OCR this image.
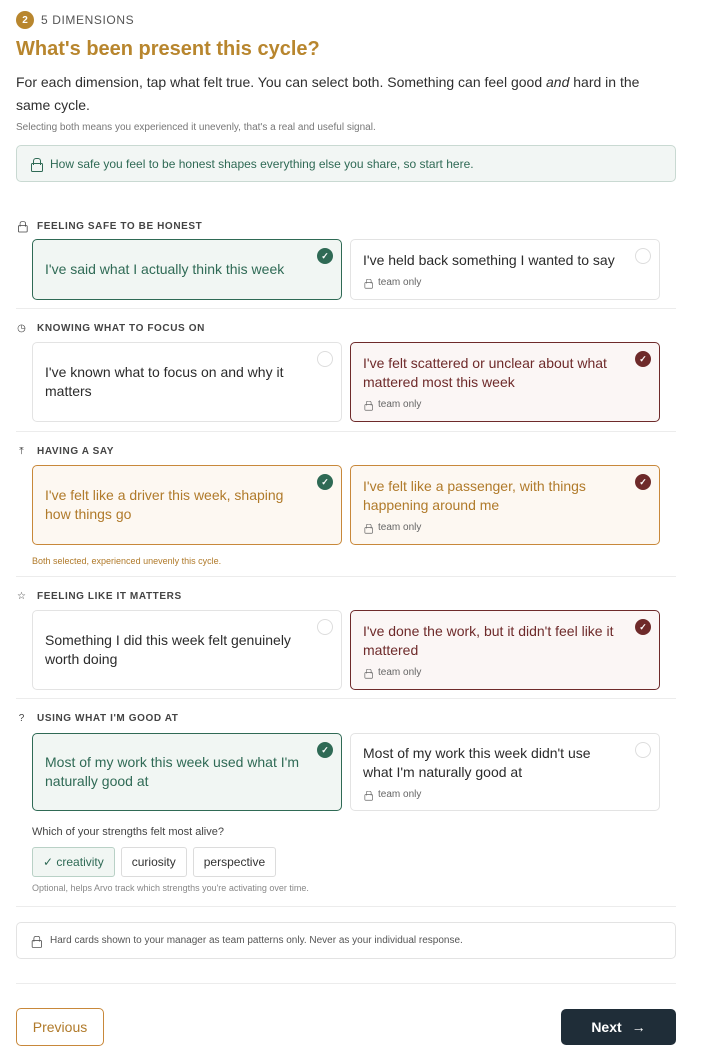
2	5 DIMENSIONS
What's been present this cycle?
For each dimension, tap what felt true. You can select both. Something can feel good and hard in the same cycle.
Selecting both means you experienced it unevenly, that's a real and useful signal.
How safe you feel to be honest shapes everything else you share, so start here.
FEELING SAFE TO BE HONEST
I've said what I actually think this week
✓	I've held back something I wanted to say
team only
◷ KNOWING WHAT TO FOCUS ON
I've known what to focus on and why it matters
I've felt scattered or unclear about what mattered most this week
team only
✓
⤒	HAVING A SAY
I've felt like a driver this week, shaping how things go
✓	I've felt like a passenger, with things happening around me
team only
✓
Both selected, experienced unevenly this cycle.
☆ FEELING LIKE IT MATTERS
Something I did this week felt genuinely worth doing
I've done the work, but it didn't feel like it mattered
team only
✓
? USING WHAT I'M GOOD AT
Most of my work this week used what I'm naturally good at
✓	Most of my work this week didn't use what I'm naturally good at
team only
Which of your strengths felt most alive?
✓ creativity	curiosity	perspective
Optional, helps Arvo track which strengths you're activating over time.
Hard cards shown to your manager as team patterns only. Never as your individual response.
Previous	Next →
